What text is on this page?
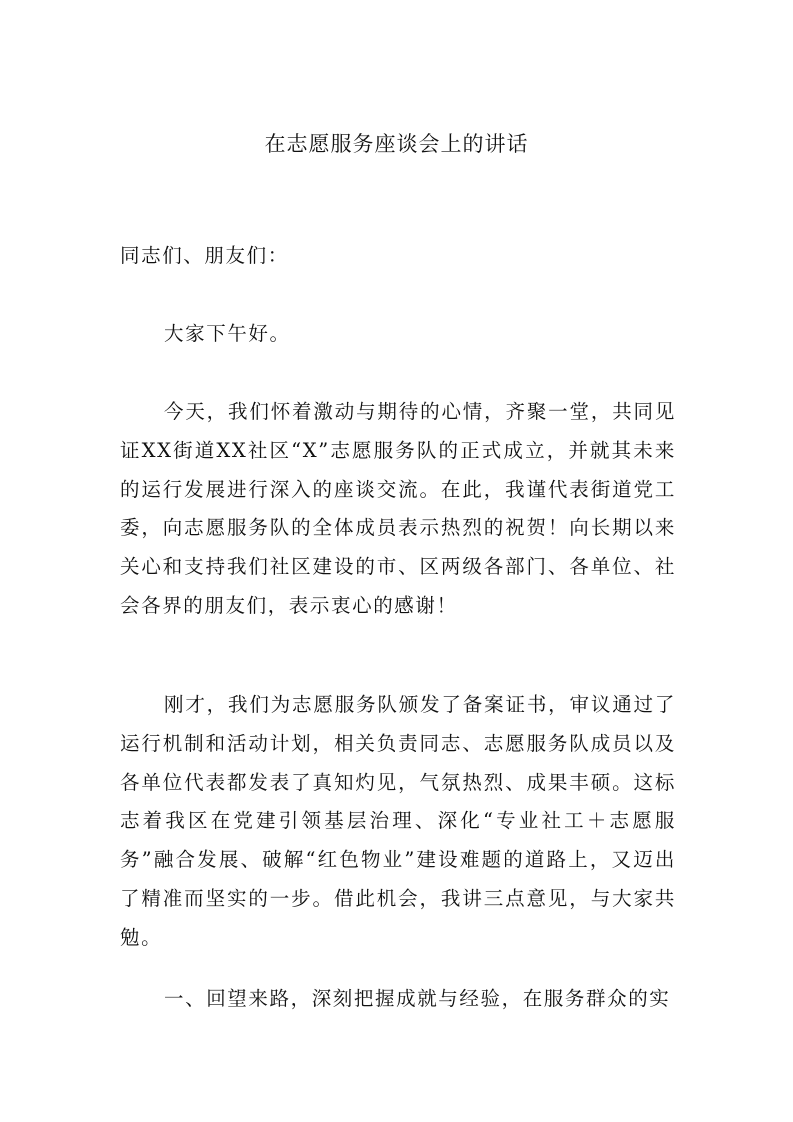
在志愿服务座谈会上的讲话

同志们、朋友们：

大家下午好。

今天，我们怀着激动与期待的心情，齐聚一堂，共同见证XX街道XX社区“X”志愿服务队的正式成立，并就其未来的运行发展进行深入的座谈交流。在此，我谨代表街道党工委，向志愿服务队的全体成员表示热烈的祝贺！向长期以来关心和支持我们社区建设的市、区两级各部门、各单位、社会各界的朋友们，表示衷心的感谢！

刚才，我们为志愿服务队颁发了备案证书，审议通过了运行机制和活动计划，相关负责同志、志愿服务队成员以及各单位代表都发表了真知灼见，气氛热烈、成果丰硕。这标志着我区在党建引领基层治理、深化“专业社工＋志愿服务”融合发展、破解“红色物业”建设难题的道路上，又迈出了精准而坚实的一步。借此机会，我讲三点意见，与大家共勉。

一、回望来路，深刻把握成就与经验，在服务群众的实
